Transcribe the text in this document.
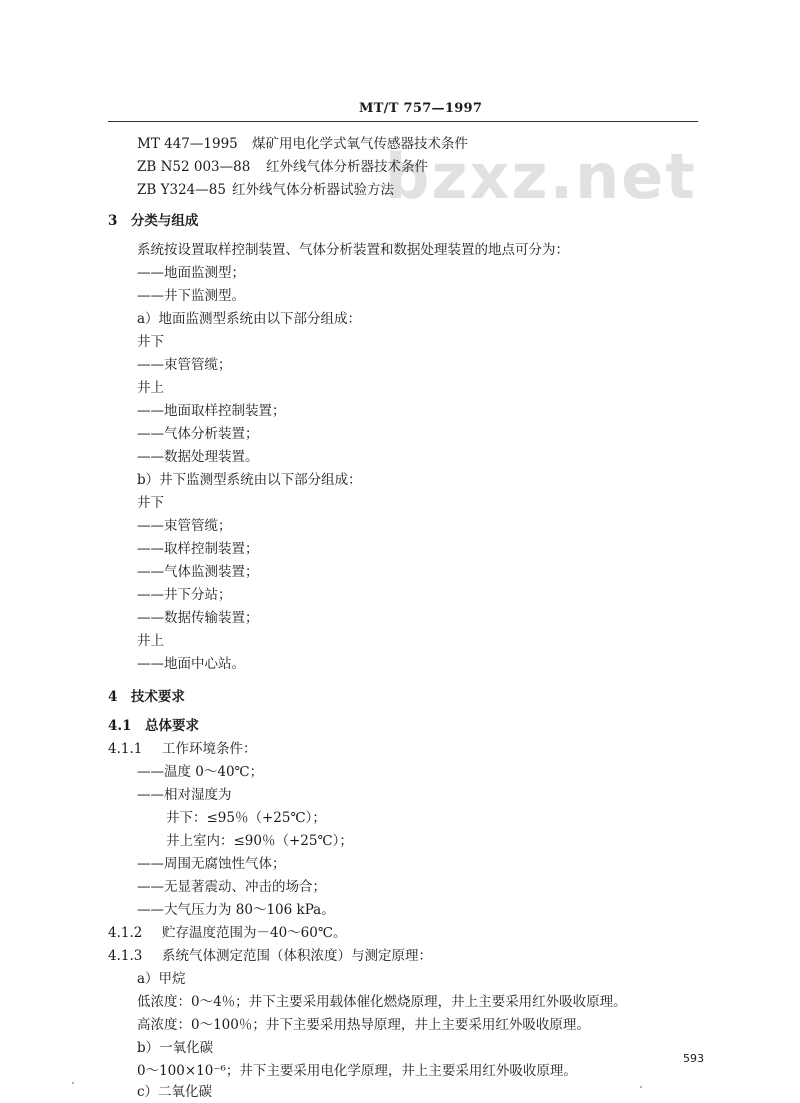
MT/T 757—1997
bzxz.net
MT 447—1995 煤矿用电化学式氧气传感器技术条件
ZB N52 003—88 红外线气体分析器技术条件
ZB Y324—85 红外线气体分析器试验方法
3　分类与组成
系统按设置取样控制装置、气体分析装置和数据处理装置的地点可分为：
——地面监测型；
——井下监测型。
a）地面监测型系统由以下部分组成：
井下
——束管管缆；
井上
——地面取样控制装置；
——气体分析装置；
——数据处理装置。
b）井下监测型系统由以下部分组成：
井下
——束管管缆；
——取样控制装置；
——气体监测装置；
——井下分站；
——数据传输装置；
井上
——地面中心站。
4　技术要求
4.1　总体要求
4.1.1 工作环境条件：
——温度 0～40℃；
——相对湿度为
井下：≤95％（+25℃）；
井上室内：≤90％（+25℃）；
——周围无腐蚀性气体；
——无显著震动、冲击的场合；
——大气压力为 80～106 kPa。
4.1.2 贮存温度范围为－40～60℃。
4.1.3 系统气体测定范围（体积浓度）与测定原理：
a）甲烷
低浓度：0～4％；井下主要采用载体催化燃烧原理，井上主要采用红外吸收原理。
高浓度：0～100％；井下主要采用热导原理，井上主要采用红外吸收原理。
b）一氧化碳
0～100×10⁻⁶；井下主要采用电化学原理，井上主要采用红外吸收原理。
c）二氧化碳
593
